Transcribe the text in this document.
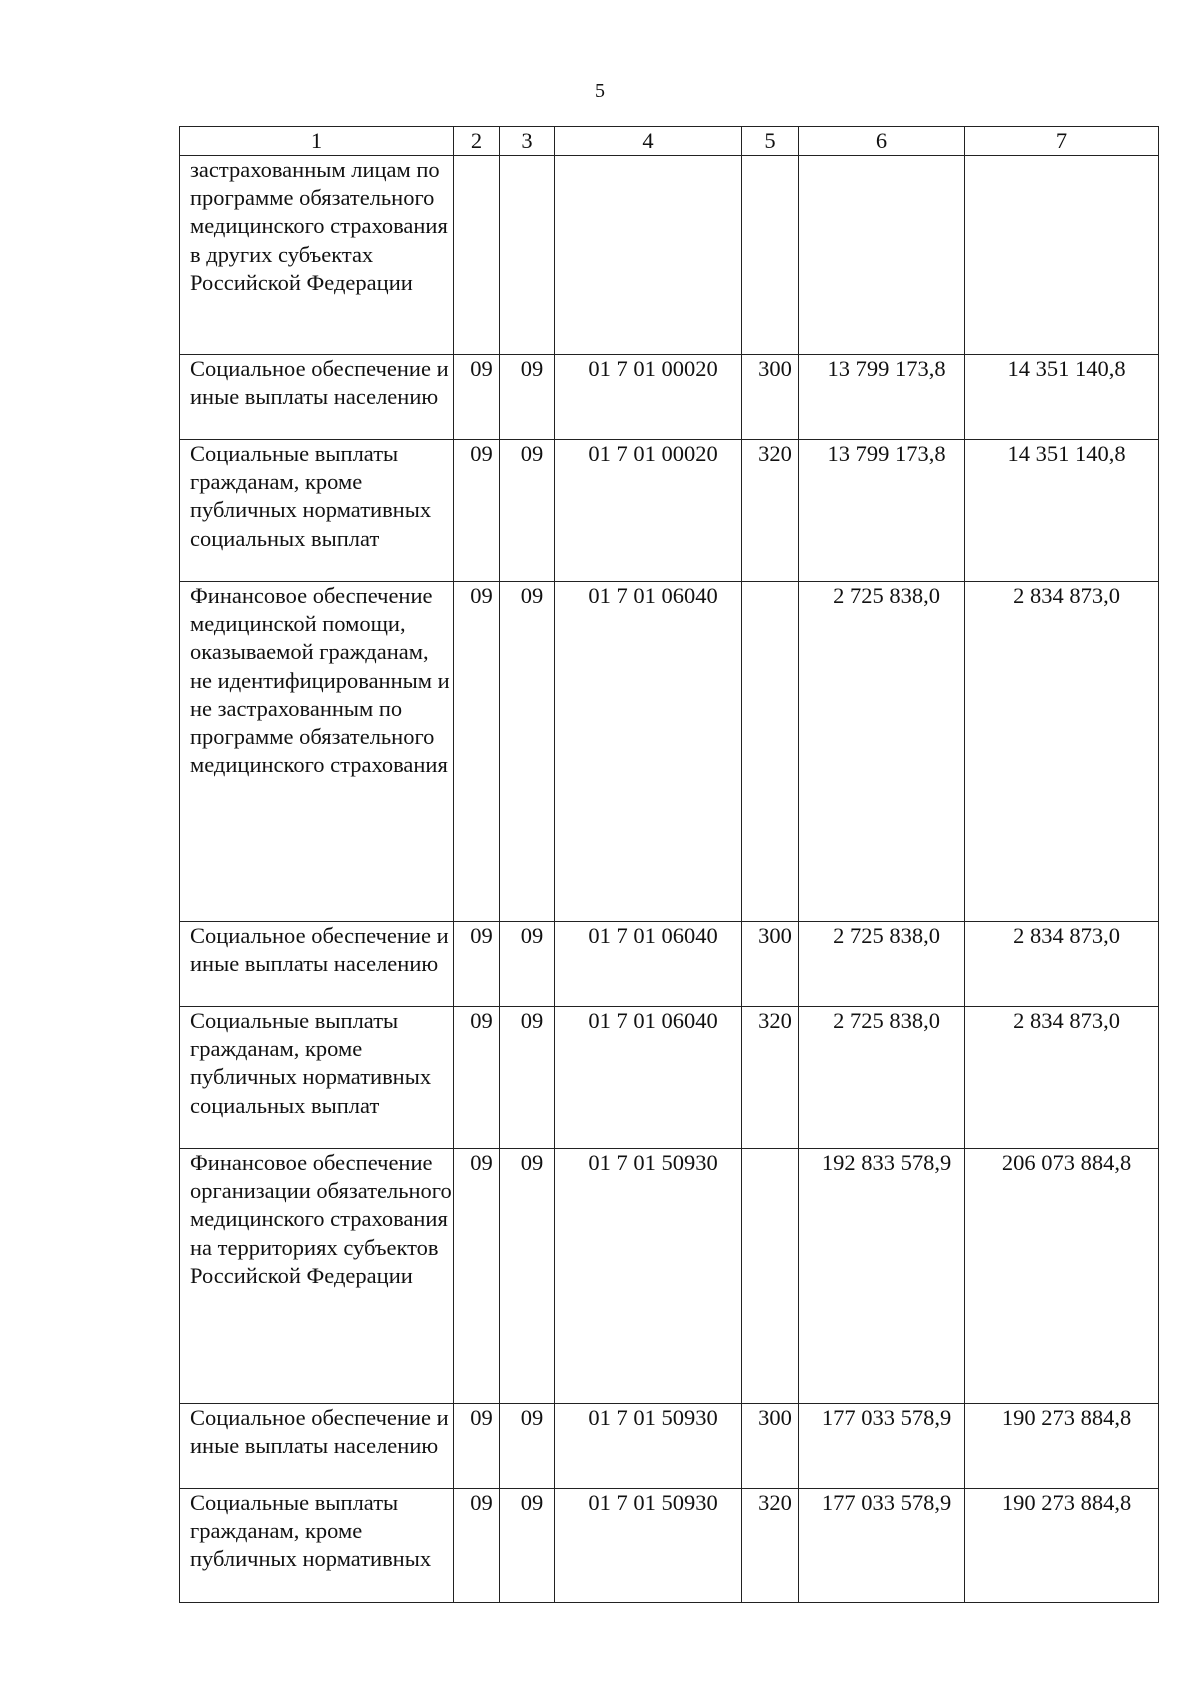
5
1	2	3	4	5	6	7
застрахованным лицам по программе обязательного медицинского страхования в других субъектах Российской Федерации						
Социальное обеспечение и иные выплаты населению	09	09	01 7 01 00020	300	13 799 173,8	14 351 140,8
Социальные выплаты гражданам, кроме публичных нормативных социальных выплат	09	09	01 7 01 00020	320	13 799 173,8	14 351 140,8
Финансовое обеспечение медицинской помощи, оказываемой гражданам, не идентифицированным и не застрахованным по программе обязательного медицинского страхования	09	09	01 7 01 06040		2 725 838,0	2 834 873,0
Социальное обеспечение и иные выплаты населению	09	09	01 7 01 06040	300	2 725 838,0	2 834 873,0
Социальные выплаты гражданам, кроме публичных нормативных социальных выплат	09	09	01 7 01 06040	320	2 725 838,0	2 834 873,0
Финансовое обеспечение организации обязательного медицинского страхования на территориях субъектов Российской Федерации	09	09	01 7 01 50930		192 833 578,9	206 073 884,8
Социальное обеспечение и иные выплаты населению	09	09	01 7 01 50930	300	177 033 578,9	190 273 884,8
Социальные выплаты гражданам, кроме публичных нормативных	09	09	01 7 01 50930	320	177 033 578,9	190 273 884,8
